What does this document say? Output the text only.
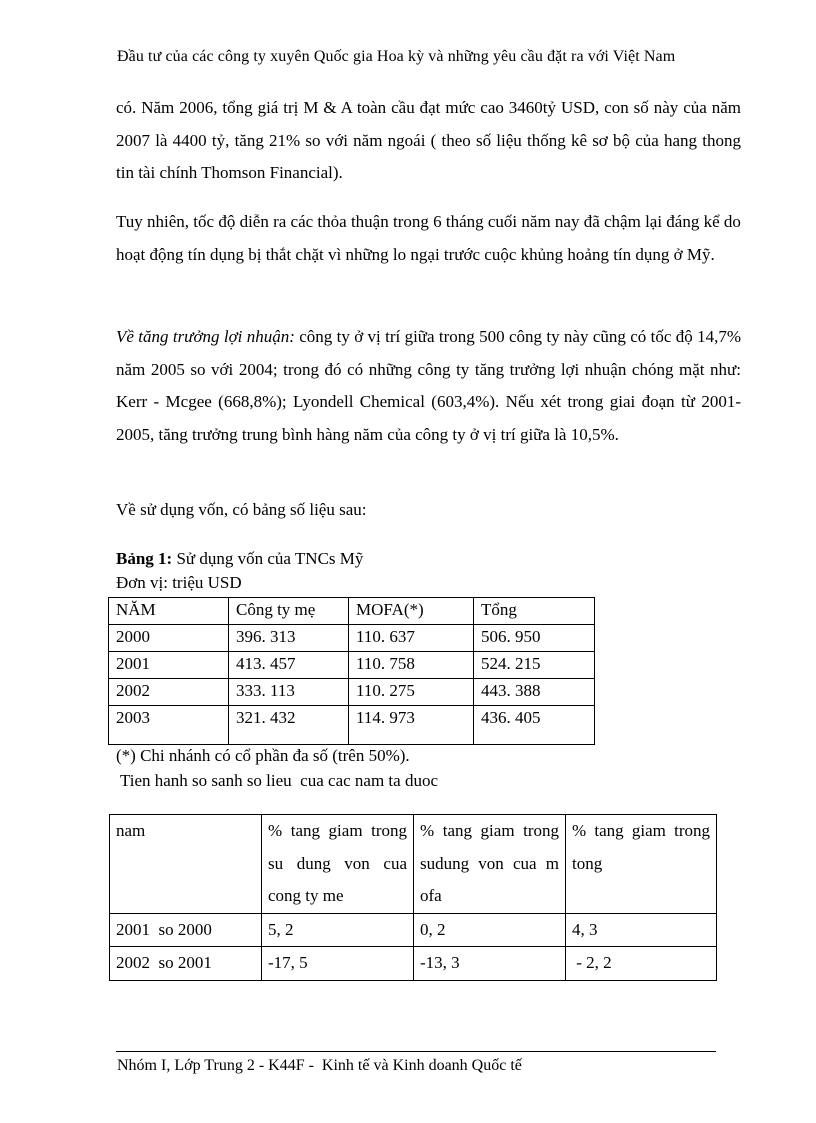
Đầu tư của các công ty xuyên Quốc gia Hoa kỳ và những yêu cầu đặt ra với Việt Nam

có. Năm 2006, tổng giá trị M & A toàn cầu đạt mức cao 3460tỷ USD, con số này của năm 2007 là 4400 tỷ, tăng 21% so với năm ngoái ( theo số liệu thống kê sơ bộ của hang thong tin tài chính Thomson Financial).

Tuy nhiên, tốc độ diễn ra các thỏa thuận trong 6 tháng cuối năm nay đã chậm lại đáng kể do hoạt động tín dụng bị thắt chặt vì những lo ngại trước cuộc khủng hoảng tín dụng ở Mỹ.

Về tăng trưởng lợi nhuận: công ty ở vị trí giữa trong 500 công ty này cũng có tốc độ 14,7% năm 2005 so với 2004; trong đó có những công ty tăng trưởng lợi nhuận chóng mặt như: Kerr - Mcgee (668,8%); Lyondell Chemical (603,4%). Nếu xét trong giai đoạn từ 2001-2005, tăng trưởng trung bình hàng năm của công ty ở vị trí giữa là 10,5%.

Về sử dụng vốn, có bảng số liệu sau:
Bảng 1: Sử dụng vốn của TNCs Mỹ
Đơn vị: triệu USD
NĂM	Công ty mẹ	MOFA(*)	Tổng
2000	396. 313	110. 637	506. 950
2001	413. 457	110. 758	524. 215
2002	333. 113	110. 275	443. 388
2003	321. 432	114. 973	436. 405
(*) Chi nhánh có cổ phần đa số (trên 50%).
Tien hanh so sanh so lieu  cua cac nam ta duoc
nam	% tang giam trong su dung von cua cong ty me	% tang giam trong sudung von cua m ofa	% tang giam trong tong
2001  so 2000	5, 2	0, 2	4, 3
2002  so 2001	-17, 5	-13, 3	- 2, 2
Nhóm I, Lớp Trung 2 - K44F -  Kinh tế và Kinh doanh Quốc tế
